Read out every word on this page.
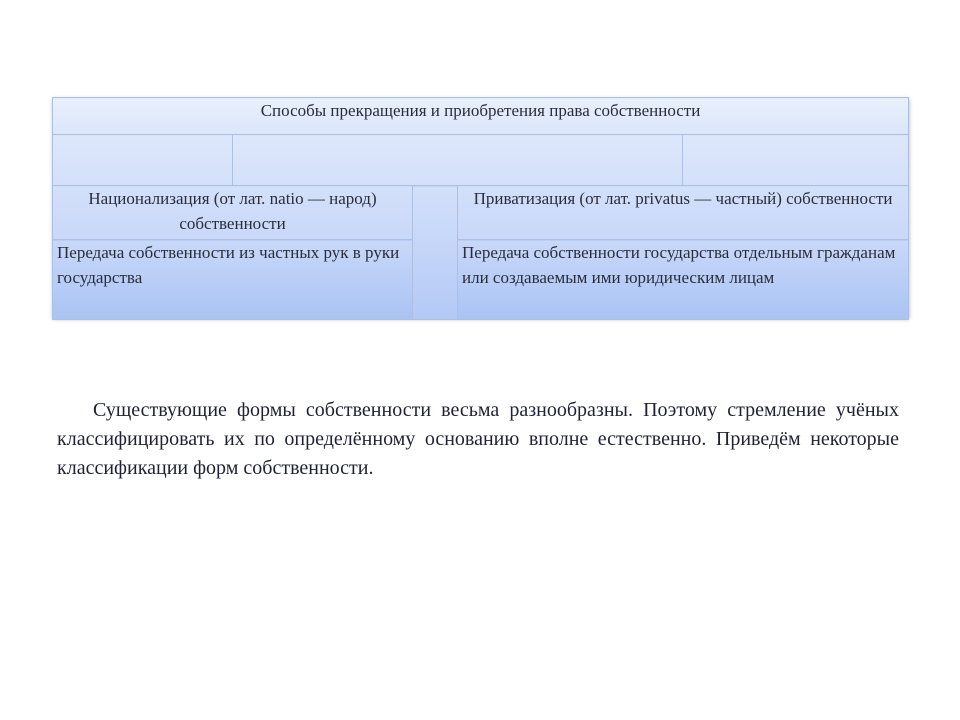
Способы прекращения и приобретения права собственности				

Национализация (от лат. natio — народ) собственности			Приватизация (от лат. privatus — частный) собственности	
Передача собственности из частных рук в руки государства			Передача собственности государства отдельным гражданам или создаваемым ими юридическим лицам	

Существующие формы собственности весьма разнообразны. Поэтому стремление учёных классифицировать их по определённому основанию вполне естественно. Приведём некоторые классификации форм собственности.
